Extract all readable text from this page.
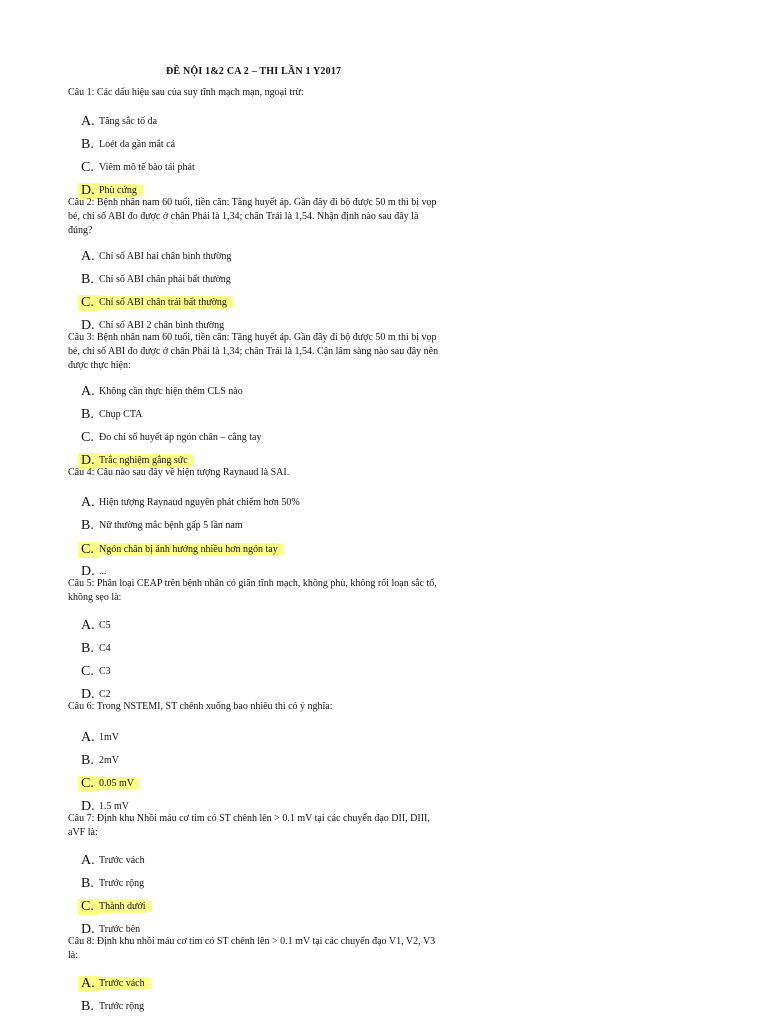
ĐỀ NỘI 1&2 CA 2 – THI LẦN 1 Y2017
Câu 1: Các dấu hiệu sau của suy tĩnh mạch mạn, ngoại trừ:
A. Tăng sắc tố da
B. Loét da gần mắt cá
C. Viêm mô tế bào tái phát
D. Phù cứng
Câu 2: Bệnh nhân nam 60 tuổi, tiền căn: Tăng huyết áp. Gần đây đi bộ được 50 m thì bị vọp bẻ, chỉ số ABI đo được ở chân Phải là 1,34; chân Trái là 1,54. Nhận định nào sau đây là đúng?
A. Chỉ số ABI hai chân bình thường
B. Chỉ số ABI chân phải bất thường
C. Chỉ số ABI chân trái bất thường
D. Chỉ số ABI 2 chân bình thường
Câu 3: Bệnh nhân nam 60 tuổi, tiền căn: Tăng huyết áp. Gần đây đi bộ được 50 m thì bị vọp bẻ, chỉ số ABI đo được ở chân Phải là 1,34; chân Trái là 1,54. Cận lâm sàng nào sau đây nên được thực hiện:
A. Không cần thực hiện thêm CLS nào
B. Chụp CTA
C. Đo chỉ số huyết áp ngón chân – cẳng tay
D. Trắc nghiệm gắng sức
Câu 4: Câu nào sau đây về hiện tượng Raynaud là SAI.
A. Hiện tượng Raynaud nguyên phát chiếm hơn 50%
B. Nữ thường mắc bệnh gấp 5 lần nam
C. Ngón chân bị ảnh hưởng nhiều hơn ngón tay
D. ...
Câu 5: Phân loại CEAP trên bệnh nhân có giãn tĩnh mạch, không phù, không rối loạn sắc tố, không sẹo là:
A. C5
B. C4
C. C3
D. C2
Câu 6: Trong NSTEMI, ST chênh xuống bao nhiêu thì có ý nghĩa:
A. 1mV
B. 2mV
C. 0.05 mV
D. 1.5 mV
Câu 7: Định khu Nhồi máu cơ tim có ST chênh lên > 0.1 mV tại các chuyển đạo DII, DIII, aVF là:
A. Trước vách
B. Trước rộng
C. Thành dưới
D. Trước bên
Câu 8: Định khu nhồi máu cơ tim có ST chênh lên > 0.1 mV tại các chuyển đạo V1, V2, V3 là:
A. Trước vách
B. Trước rộng
